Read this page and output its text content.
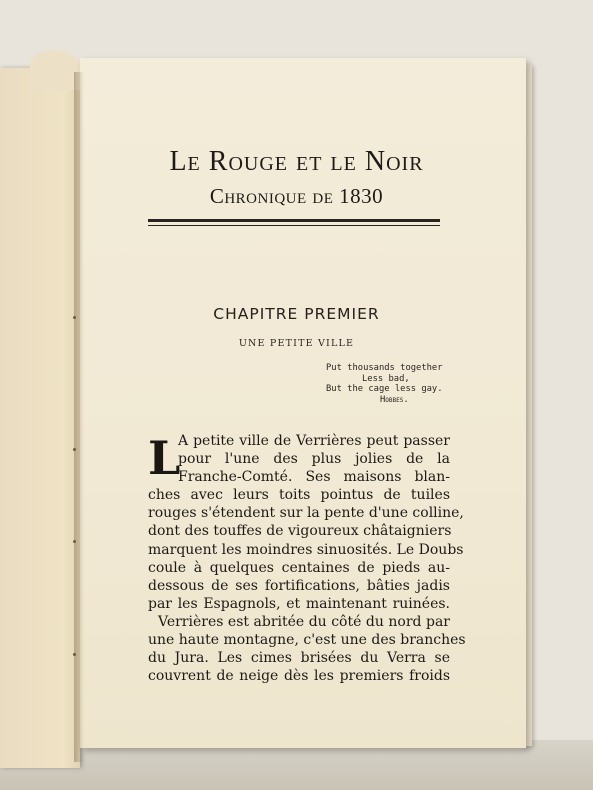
Le Rouge et le Noir
Chronique de 1830
CHAPITRE PREMIER
UNE PETITE VILLE
Put thousands together
Less bad,
But the cage less gay.
Hobbes.
L
A petite ville de Verrières peut passer
pour l'une des plus jolies de la
Franche-Comté. Ses maisons blan-
ches avec leurs toits pointus de tuiles
rouges s'étendent sur la pente d'une colline,
dont des touffes de vigoureux châtaigniers
marquent les moindres sinuosités. Le Doubs
coule à quelques centaines de pieds au-
dessous de ses fortifications, bâties jadis
par les Espagnols, et maintenant ruinées.
Verrières est abritée du côté du nord par
une haute montagne, c'est une des branches
du Jura. Les cimes brisées du Verra se
couvrent de neige dès les premiers froids
